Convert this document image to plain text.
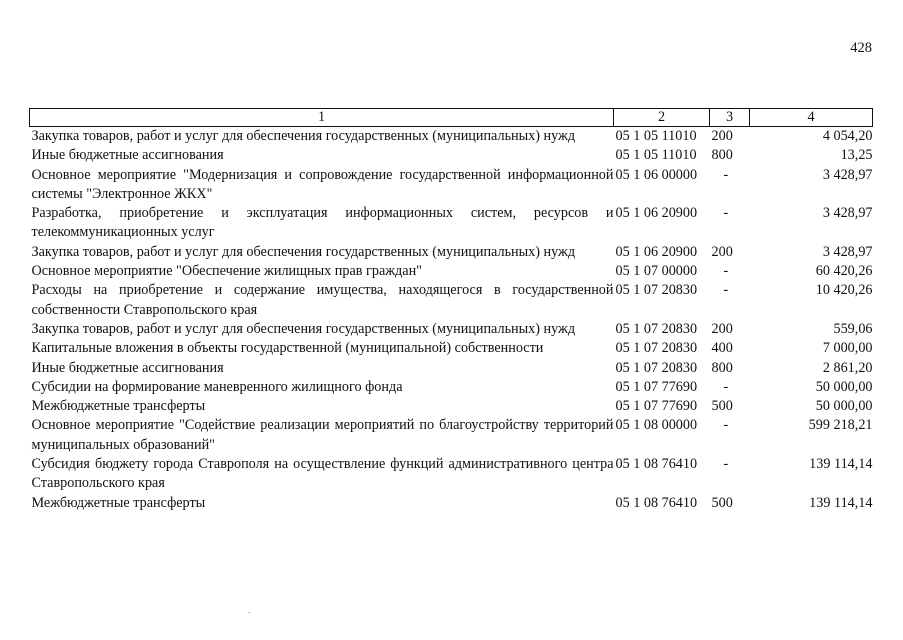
428
1	2	3	4
Закупка товаров, работ и услуг для обеспечения государственных (муниципальных) нужд	05 1 05 11010	200	4 054,20
Иные бюджетные ассигнования	05 1 05 11010	800	13,25
Основное мероприятие "Модернизация и сопровождение государственной информационной системы "Электронное ЖКХ"	05 1 06 00000	-	3 428,97
Разработка, приобретение и эксплуатация информационных систем, ресурсов и телекоммуникационных услуг	05 1 06 20900	-	3 428,97
Закупка товаров, работ и услуг для обеспечения государственных (муниципальных) нужд	05 1 06 20900	200	3 428,97
Основное мероприятие "Обеспечение жилищных прав граждан"	05 1 07 00000	-	60 420,26
Расходы на приобретение и содержание имущества, находящегося в государственной собственности Ставропольского края	05 1 07 20830	-	10 420,26
Закупка товаров, работ и услуг для обеспечения государственных (муниципальных) нужд	05 1 07 20830	200	559,06
Капитальные вложения в объекты государственной (муниципальной) собственности	05 1 07 20830	400	7 000,00
Иные бюджетные ассигнования	05 1 07 20830	800	2 861,20
Субсидии на формирование маневренного жилищного фонда	05 1 07 77690	-	50 000,00
Межбюджетные трансферты	05 1 07 77690	500	50 000,00
Основное мероприятие "Содействие реализации мероприятий по благоустройству территорий муниципальных образований"	05 1 08 00000	-	599 218,21
Субсидия бюджету города Ставрополя на осуществление функций административного центра Ставропольского края	05 1 08 76410	-	139 114,14
Межбюджетные трансферты	05 1 08 76410	500	139 114,14
